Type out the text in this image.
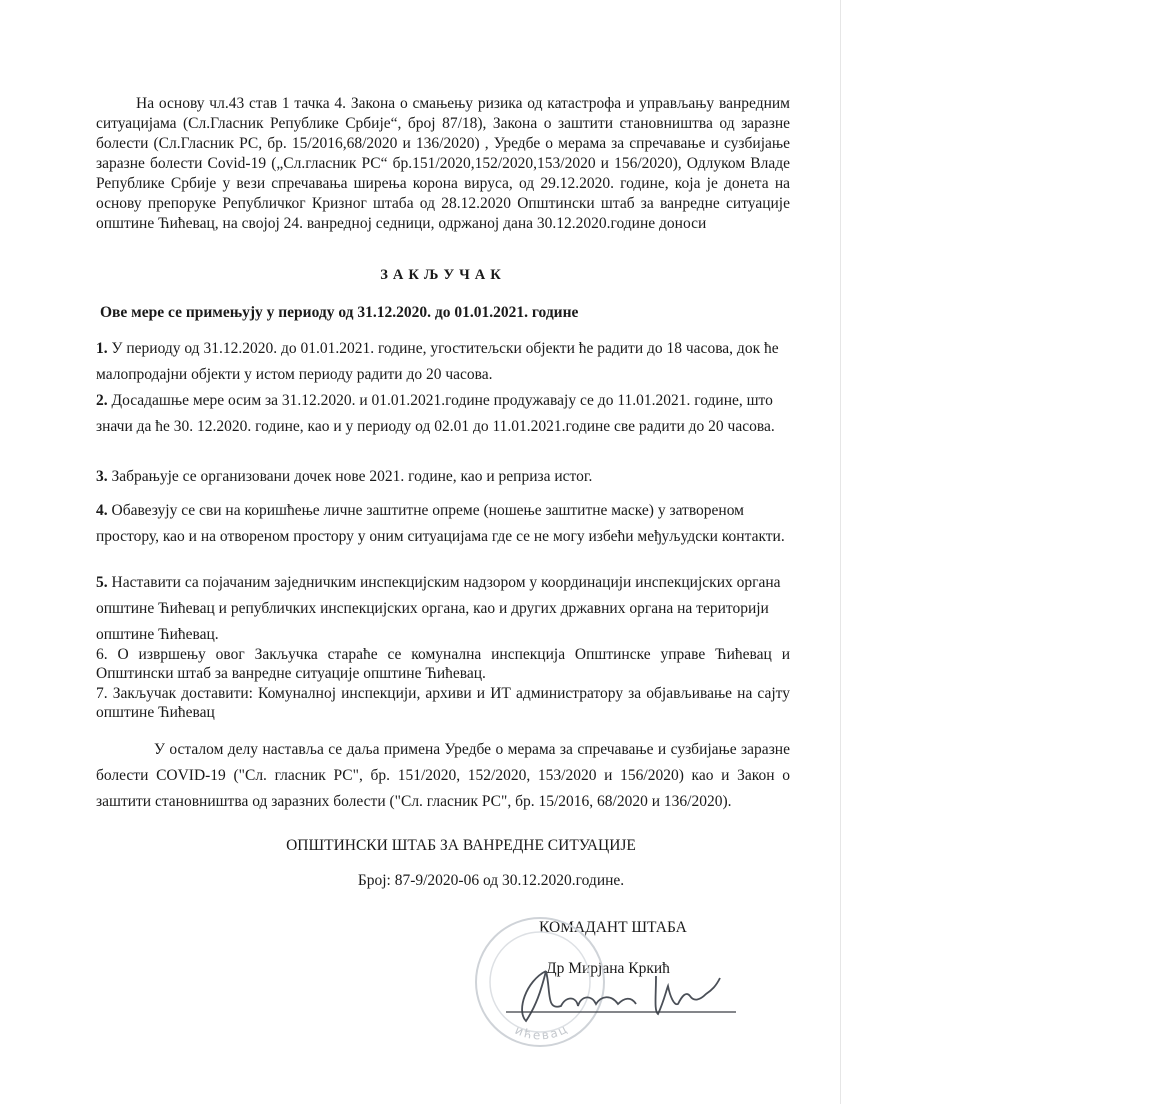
На основу чл.43 став 1 тачка 4. Закона о смањењу ризика од катастрофа и управљању ванредним ситуацијама (Сл.Гласник Републике Србије“, број 87/18), Закона о заштити становништва од заразне болести (Сл.Гласник РС, бр. 15/2016,68/2020 и 136/2020) , Уредбе о мерама за спречавање и сузбијање заразне болести Covid-19 („Сл.гласник РС“ бр.151/2020,152/2020,153/2020 и 156/2020), Одлуком Владе Републике Србије у вези спречавања ширења корона вируса, од 29.12.2020. године, која је донета на основу препоруке Републичког Кризног штаба од 28.12.2020 Општински штаб за ванредне ситуације општине Ћићевац, на својој 24. ванредној седници, одржаној дана 30.12.2020.године доноси

ЗАКЉУЧАК
Ове мере се примењују у периоду од 31.12.2020. до 01.01.2021. године
1. У периоду од 31.12.2020. до 01.01.2021. године, угоститељски објекти ће радити до 18 часова, док ће малопродајни објекти у истом периоду радити до 20 часова.
2. Досадашње мере осим за 31.12.2020. и 01.01.2021.године продужавају се до 11.01.2021. године, што значи да ће 30. 12.2020. године, као и у периоду од 02.01 до 11.01.2021.године све радити до 20 часова.
3. Забрањује се организовани дочек нове 2021. године, као и репризa истог.
4. Обавезују се сви на коришћење личне заштитне опреме (ношење заштитне маске) у затвореном простору, као и на отвореном простору у оним ситуацијама где се не могу избећи међуљудски контакти.
5. Наставити са појачаним заједничким инспекцијским надзором у координацији инспекцијских органа општине Ћићевац и републичких инспекцијских органа, као и других државних органа на територији општине Ћићевац.
6. О извршењу овог Закључка стараће се комунална инспекција Општинске управе Ћићевац и Општински штаб за ванредне ситуације општине Ћићевац.
7. Закључак доставити: Комуналној инспекцији, архиви и ИТ администратору за објављивање на сајту општине Ћићевац

У осталом делу наставља се даља примена Уредбе о мерама за спречавање и сузбијање заразне болести COVID-19 ("Сл. гласник РС", бр. 151/2020, 152/2020, 153/2020 и 156/2020) као и Закон о заштити становништва од заразних болести ("Сл. гласник РС", бр. 15/2016, 68/2020 и 136/2020).

ОПШТИНСКИ ШТАБ ЗА ВАНРЕДНЕ СИТУАЦИЈЕ
Број: 87-9/2020-06 од 30.12.2020.године.
КОМАДАНТ ШТАБА
Др Мирјана Кркић
ићевац
